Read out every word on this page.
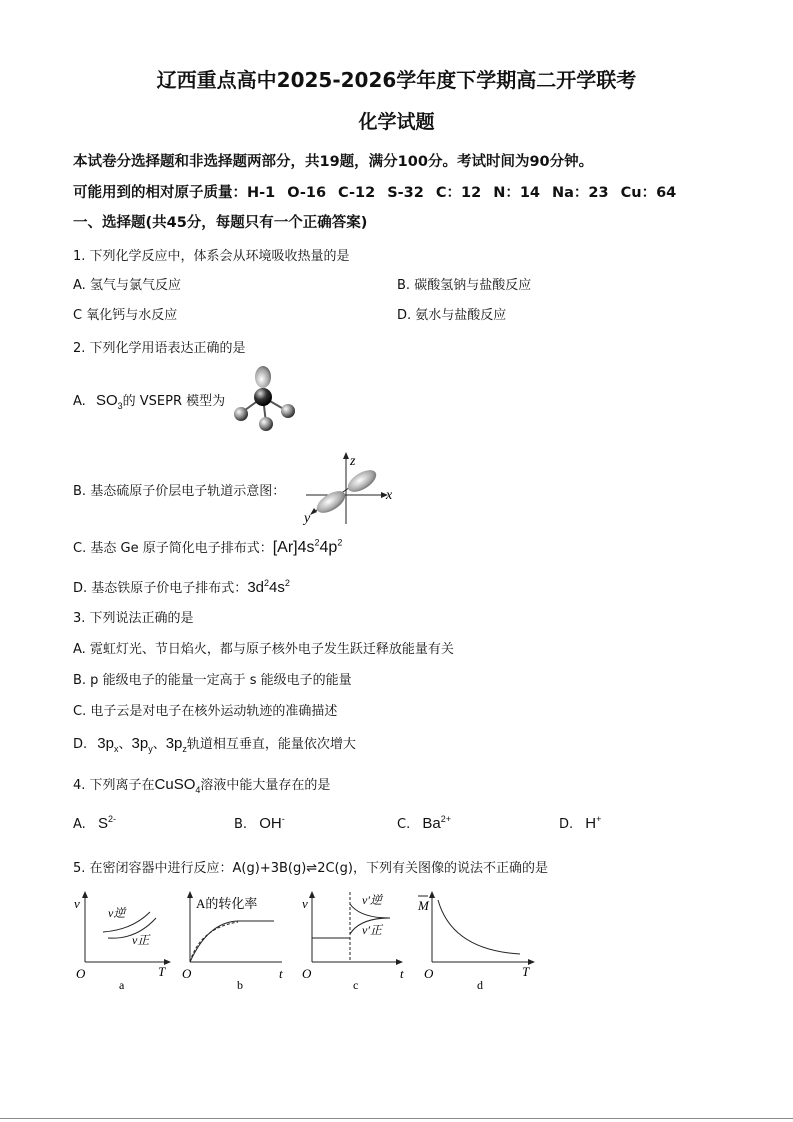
辽西重点高中2025-2026学年度下学期高二开学联考
化学试题
本试卷分选择题和非选择题两部分，共19题，满分100分。考试时间为90分钟。
可能用到的相对原子质量：H-1 O-16 C-12 S-32 C：12 N：14 Na：23 Cu：64
一、选择题(共45分，每题只有一个正确答案)
1. 下列化学反应中，体系会从环境吸收热量的是
A. 氢气与氯气反应	B. 碳酸氢钠与盐酸反应
C 氧化钙与水反应	D. 氨水与盐酸反应
2. 下列化学用语表达正确的是
A. $SO_3$的 VSEPR 模型为
B. 基态硫原子价层电子轨道示意图：
z
x
y
C. 基态 Ge 原子简化电子排布式：$[Ar]4s^24p^2$
D. 基态铁原子价电子排布式：$3d^24s^2$
3. 下列说法正确的是
A. 霓虹灯光、节日焰火，都与原子核外电子发生跃迁释放能量有关
B. p 能级电子的能量一定高于 s 能级电子的能量
C. 电子云是对电子在核外运动轨迹的准确描述
D. $3p_x$、$3p_y$、$3p_z$轨道相互垂直，能量依次增大
4. 下列离子在CuSO$_4$溶液中能大量存在的是
A. $S^{2-}$	B. OH-	C. $Ba^{2+}$	D. H+
5. 在密闭容器中进行反应：A(g)+3B(g)⇌2C(g)，下列有关图像的说法不正确的是
v
v逆
v正
O	T
a
A的转化率
O	t
b
v	v′逆
v′正
O	t
c
M
O	T
d
